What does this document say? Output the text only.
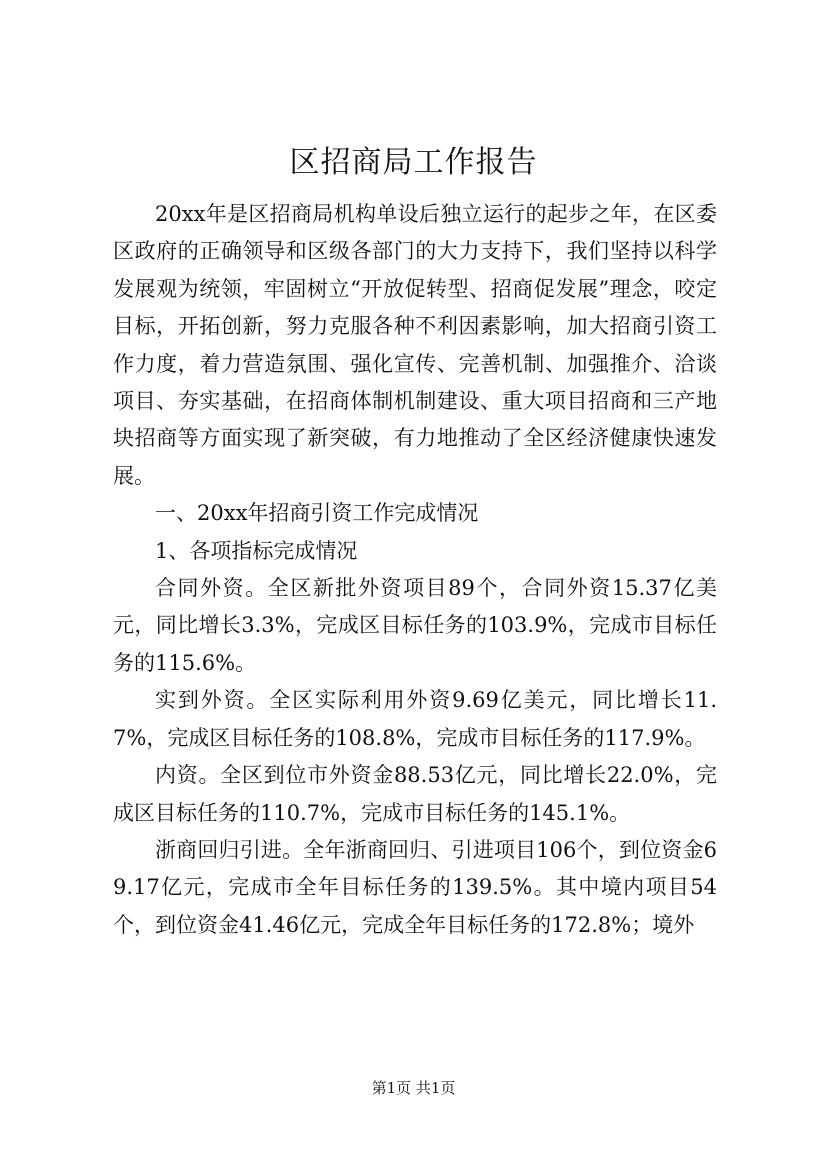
区招商局工作报告

20xx年是区招商局机构单设后独立运行的起步之年，在区委区政府的正确领导和区级各部门的大力支持下，我们坚持以科学发展观为统领，牢固树立“开放促转型、招商促发展”理念，咬定目标，开拓创新，努力克服各种不利因素影响，加大招商引资工作力度，着力营造氛围、强化宣传、完善机制、加强推介、洽谈项目、夯实基础，在招商体制机制建设、重大项目招商和三产地块招商等方面实现了新突破，有力地推动了全区经济健康快速发展。

一、20xx年招商引资工作完成情况

1、各项指标完成情况

合同外资。全区新批外资项目89个，合同外资15.37亿美元，同比增长3.3%，完成区目标任务的103.9%，完成市目标任务的115.6%。

实到外资。全区实际利用外资9.69亿美元，同比增长11.7%，完成区目标任务的108.8%，完成市目标任务的117.9%。

内资。全区到位市外资金88.53亿元，同比增长22.0%，完成区目标任务的110.7%，完成市目标任务的145.1%。

浙商回归引进。全年浙商回归、引进项目106个，到位资金69.17亿元，完成市全年目标任务的139.5%。其中境内项目54个，到位资金41.46亿元，完成全年目标任务的172.8%；境外

第1页 共1页
